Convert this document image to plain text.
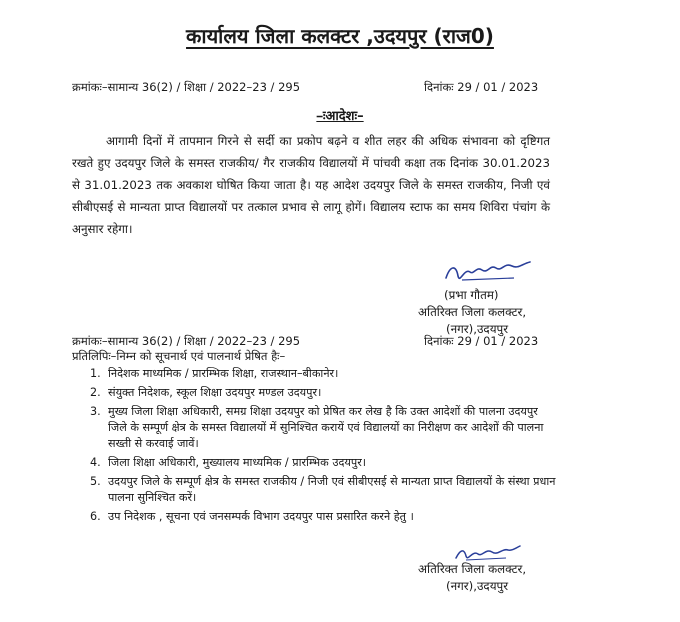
कार्यालय जिला कलक्टर ,उदयपुर (राज0)
क्रमांकः–सामान्य 36(2) / शिक्षा / 2022–23 / 295	दिनांकः 29 / 01 / 2023
–ःआदेशः–
आगामी दिनों में तापमान गिरने से सर्दी का प्रकोप बढ़ने व शीत लहर की अधिक संभावना को दृष्टिगत रखते हुए उदयपुर जिले के समस्त राजकीय/ गैर राजकीय विद्यालयों में पांचवी कक्षा तक दिनांक 30.01.2023 से 31.01.2023 तक अवकाश घोषित किया जाता है। यह आदेश उदयपुर जिले के समस्त राजकीय, निजी एवं सीबीएसई से मान्यता प्राप्त विद्यालयों पर तत्काल प्रभाव से लागू होगें। विद्यालय स्टाफ का समय शिविरा पंचांग के अनुसार रहेगा।
(प्रभा गौतम)
अतिरिक्त जिला कलक्टर,
(नगर),उदयपुर
क्रमांकः–सामान्य 36(2) / शिक्षा / 2022–23 / 295	दिनांकः 29 / 01 / 2023
प्रतिलिपिः–निम्न को सूचनार्थ एवं पालनार्थ प्रेषित हैः–
1. निदेशक माध्यमिक / प्रारम्भिक शिक्षा, राजस्थान–बीकानेर।
2. संयुक्त निदेशक, स्कूल शिक्षा उदयपुर मण्डल उदयपुर।
3. मुख्य जिला शिक्षा अधिकारी, समग्र शिक्षा उदयपुर को प्रेषित कर लेख है कि उक्त आदेशों की पालना उदयपुर जिले के सम्पूर्ण क्षेत्र के समस्त विद्यालयों में सुनिश्चित करायें एवं विद्यालयों का निरीक्षण कर आदेशों की पालना सख्ती से करवाई जावें।
4. जिला शिक्षा अधिकारी, मुख्यालय माध्यमिक / प्रारम्भिक उदयपुर।
5. उदयपुर जिले के सम्पूर्ण क्षेत्र के समस्त राजकीय / निजी एवं सीबीएसई से मान्यता प्राप्त विद्यालयों के संस्था प्रधान पालना सुनिश्चित करें।
6. उप निदेशक , सूचना एवं जनसम्पर्क विभाग उदयपुर पास प्रसारित करने हेतु ।
अतिरिक्त जिला कलक्टर,
(नगर),उदयपुर
